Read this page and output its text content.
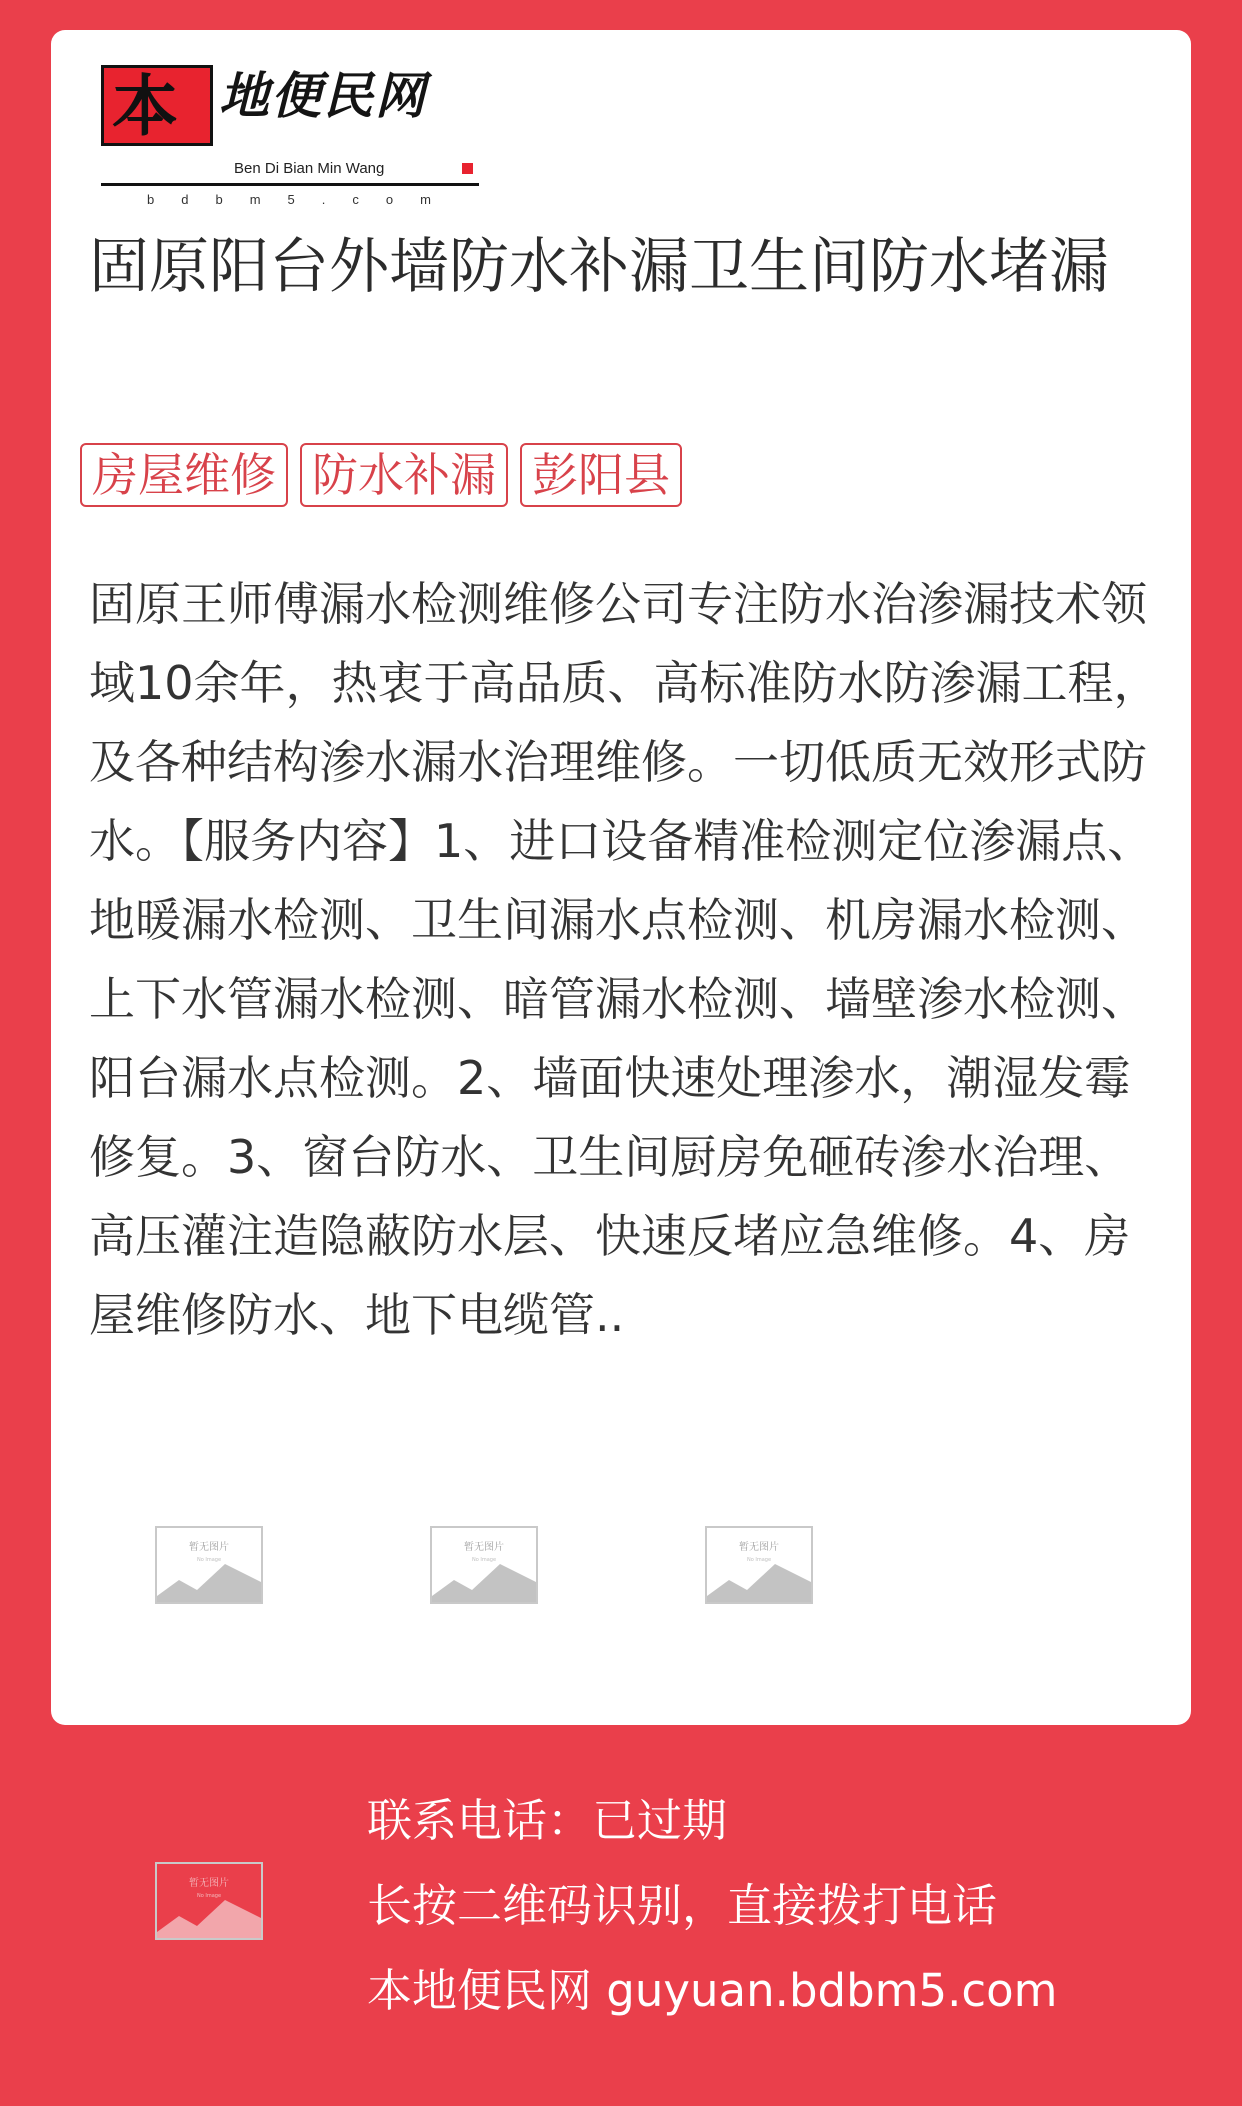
本 地便民网
Ben Di Bian Min Wang
bdbm5.com
固原阳台外墙防水补漏卫生间防水堵漏
房屋维修 防水补漏 彭阳县
固原王师傅漏水检测维修公司专注防水治渗漏技术领域10余年，热衷于高品质、高标准防水防渗漏工程，及各种结构渗水漏水治理维修。一切低质无效形式防水。【服务内容】1、进口设备精准检测定位渗漏点、地暖漏水检测、卫生间漏水点检测、机房漏水检测、上下水管漏水检测、暗管漏水检测、墙壁渗水检测、阳台漏水点检测。2、墙面快速处理渗水，潮湿发霉修复。3、窗台防水、卫生间厨房免砸砖渗水治理、高压灌注造隐蔽防水层、快速反堵应急维修。4、房屋维修防水、地下电缆管..
暂无图片
No Image
暂无图片
No Image
暂无图片
No Image
暂无图片
No Image
联系电话：已过期
长按二维码识别，直接拨打电话
本地便民网 guyuan.bdbm5.com
